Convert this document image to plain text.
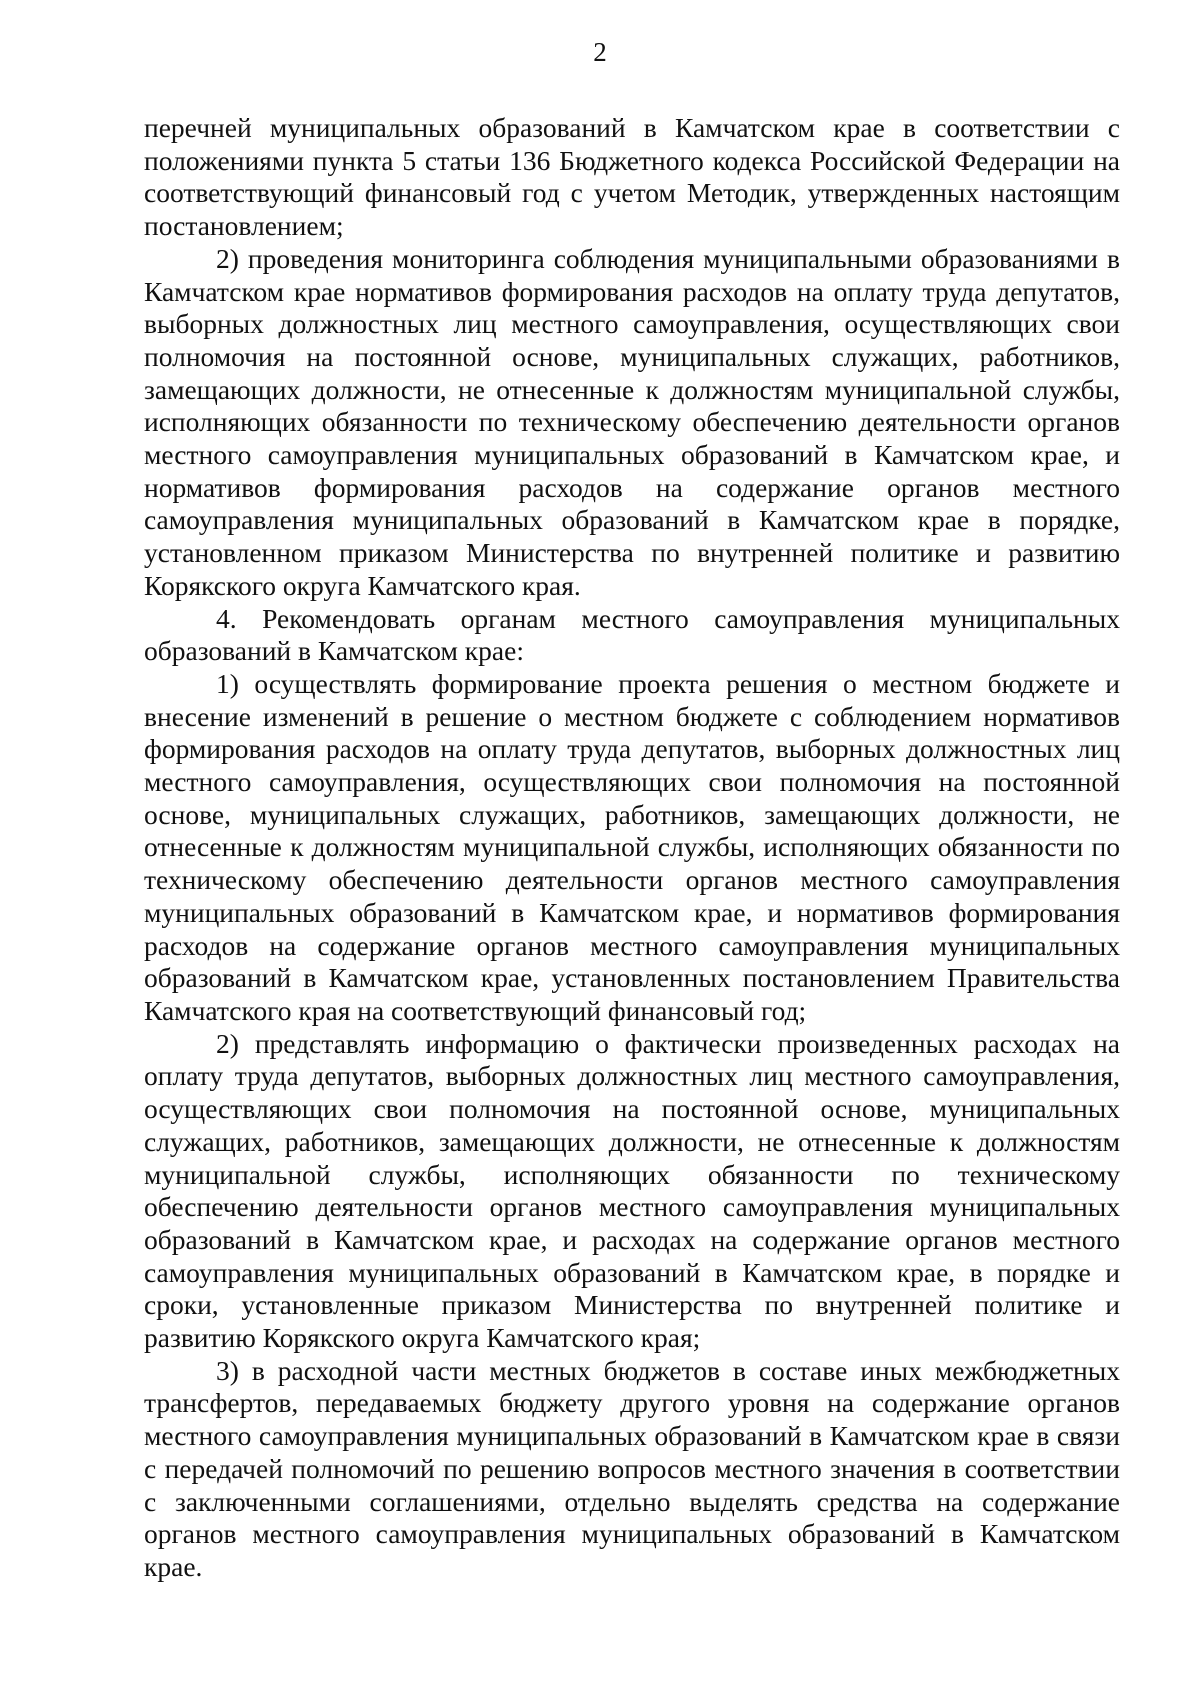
2

перечней муниципальных образований в Камчатском крае в соответствии с положениями пункта 5 статьи 136 Бюджетного кодекса Российской Федерации на соответствующий финансовый год с учетом Методик, утвержденных настоящим постановлением;

2) проведения мониторинга соблюдения муниципальными образованиями в Камчатском крае нормативов формирования расходов на оплату труда депутатов, выборных должностных лиц местного самоуправления, осуществляющих свои полномочия на постоянной основе, муниципальных служащих, работников, замещающих должности, не отнесенные к должностям муниципальной службы, исполняющих обязанности по техническому обеспечению деятельности органов местного самоуправления муниципальных образований в Камчатском крае, и нормативов формирования расходов на содержание органов местного самоуправления муниципальных образований в Камчатском крае в порядке, установленном приказом Министерства по внутренней политике и развитию Корякского округа Камчатского края.

4. Рекомендовать органам местного самоуправления муниципальных образований в Камчатском крае:

1) осуществлять формирование проекта решения о местном бюджете и внесение изменений в решение о местном бюджете с соблюдением нормативов формирования расходов на оплату труда депутатов, выборных должностных лиц местного самоуправления, осуществляющих свои полномочия на постоянной основе, муниципальных служащих, работников, замещающих должности, не отнесенные к должностям муниципальной службы, исполняющих обязанности по техническому обеспечению деятельности органов местного самоуправления муниципальных образований в Камчатском крае, и нормативов формирования расходов на содержание органов местного самоуправления муниципальных образований в Камчатском крае, установленных постановлением Правительства Камчатского края на соответствующий финансовый год;

2) представлять информацию о фактически произведенных расходах на оплату труда депутатов, выборных должностных лиц местного самоуправления, осуществляющих свои полномочия на постоянной основе, муниципальных служащих, работников, замещающих должности, не отнесенные к должностям муниципальной службы, исполняющих обязанности по техническому обеспечению деятельности органов местного самоуправления муниципальных образований в Камчатском крае, и расходах на содержание органов местного самоуправления муниципальных образований в Камчатском крае, в порядке и сроки, установленные приказом Министерства по внутренней политике и развитию Корякского округа Камчатского края;

3) в расходной части местных бюджетов в составе иных межбюджетных трансфертов, передаваемых бюджету другого уровня на содержание органов местного самоуправления муниципальных образований в Камчатском крае в связи с передачей полномочий по решению вопросов местного значения в соответствии с заключенными соглашениями, отдельно выделять средства на содержание органов местного самоуправления муниципальных образований в Камчатском крае.
